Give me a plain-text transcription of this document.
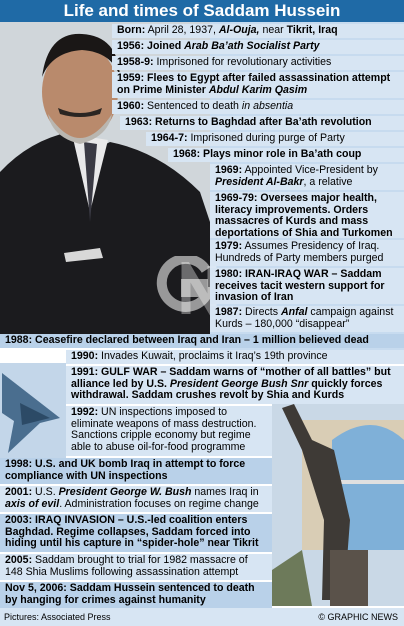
Life and times of Saddam Hussein
Born: April 28, 1937, Al-Ouja, near Tikrit, Iraq
1956: Joined Arab Ba’ath Socialist Party
1958-9: Imprisoned for revolutionary activities
1959: Flees to Egypt after failed assassination attempt on Prime Minister Abdul Karim Qasim
1960: Sentenced to death in absentia
1963: Returns to Baghdad after Ba’ath revolution
1964-7: Imprisoned during purge of Party
1968: Plays minor role in Ba’ath coup
1969: Appointed Vice-President by President Al-Bakr, a relative
1969-79: Oversees major health, literacy improvements. Orders massacres of Kurds and mass deportations of Shia and Turkomen
1979: Assumes Presidency of Iraq. Hundreds of Party members purged
1980: IRAN-IRAQ WAR – Saddam receives tacit western support for invasion of Iran
1987: Directs Anfal campaign against Kurds – 180,000 “disappear”
1988: Ceasefire declared between Iraq and Iran – 1 million believed dead
1990: Invades Kuwait, proclaims it Iraq’s 19th province
1991: GULF WAR – Saddam warns of “mother of all battles” but alliance led by U.S. President George Bush Snr quickly forces withdrawal. Saddam crushes revolt by Shia and Kurds
1992: UN inspections imposed to eliminate weapons of mass destruction. Sanctions cripple economy but regime able to abuse oil-for-food programme
1998: U.S. and UK bomb Iraq in attempt to force compliance with UN inspections
2001: U.S. President George W. Bush names Iraq in axis of evil. Administration focuses on regime change
2003: IRAQ INVASION – U.S.-led coalition enters Baghdad. Regime collapses, Saddam forced into hiding until his capture in “spider-hole” near Tikrit
2005: Saddam brought to trial for 1982 massacre of 148 Shia Muslims following assassination attempt
Nov 5, 2006: Saddam Hussein sentenced to death by hanging for crimes against humanity
Pictures: Associated Press	© GRAPHIC NEWS
